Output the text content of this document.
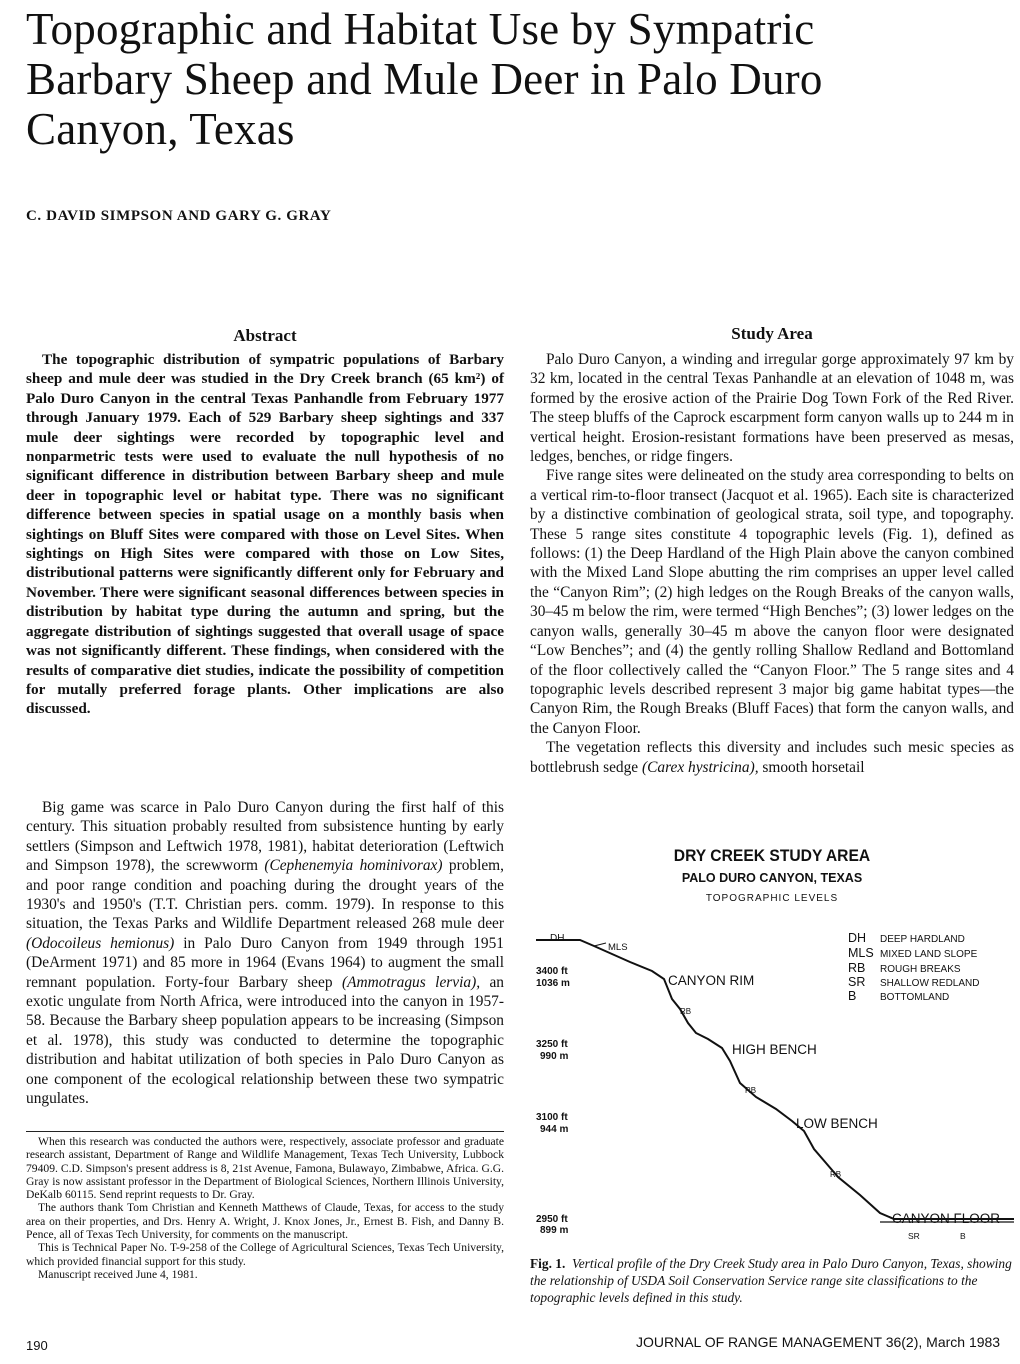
Topographic and Habitat Use by Sympatric
Barbary Sheep and Mule Deer in Palo Duro
Canyon, Texas
C. DAVID SIMPSON AND GARY G. GRAY
Abstract

The topographic distribution of sympatric populations of Barbary sheep and mule deer was studied in the Dry Creek branch (65 km²) of Palo Duro Canyon in the central Texas Panhandle from February 1977 through January 1979. Each of 529 Barbary sheep sightings and 337 mule deer sightings were recorded by topographic level and nonparmetric tests were used to evaluate the null hypothesis of no significant difference in distribution between Barbary sheep and mule deer in topographic level or habitat type. There was no significant difference between species in spatial usage on a monthly basis when sightings on Bluff Sites were compared with those on Level Sites. When sightings on High Sites were compared with those on Low Sites, distributional patterns were significantly different only for February and November. There were significant seasonal differences between species in distribution by habitat type during the autumn and spring, but the aggregate distribution of sightings suggested that overall usage of space was not significantly different. These findings, when considered with the results of comparative diet studies, indicate the possibility of competition for mutally preferred forage plants. Other implications are also discussed.

Big game was scarce in Palo Duro Canyon during the first half of this century. This situation probably resulted from subsistence hunting by early settlers (Simpson and Leftwich 1978, 1981), habitat deterioration (Leftwich and Simpson 1978), the screwworm (Cephenemyia hominivorax) problem, and poor range condition and poaching during the drought years of the 1930's and 1950's (T.T. Christian pers. comm. 1979). In response to this situation, the Texas Parks and Wildlife Department released 268 mule deer (Odocoileus hemionus) in Palo Duro Canyon from 1949 through 1951 (DeArment 1971) and 85 more in 1964 (Evans 1964) to augment the small remnant population. Forty-four Barbary sheep (Ammotragus lervia), an exotic ungulate from North Africa, were introduced into the canyon in 1957-58. Because the Barbary sheep population appears to be increasing (Simpson et al. 1978), this study was conducted to determine the topographic distribution and habitat utilization of both species in Palo Duro Canyon as one component of the ecological relationship between these two sympatric ungulates.

When this research was conducted the authors were, respectively, associate professor and graduate research assistant, Department of Range and Wildlife Management, Texas Tech University, Lubbock 79409. C.D. Simpson's present address is 8, 21st Avenue, Famona, Bulawayo, Zimbabwe, Africa. G.G. Gray is now assistant professor in the Department of Biological Sciences, Northern Illinois University, DeKalb 60115. Send reprint requests to Dr. Gray.

The authors thank Tom Christian and Kenneth Matthews of Claude, Texas, for access to the study area on their properties, and Drs. Henry A. Wright, J. Knox Jones, Jr., Ernest B. Fish, and Danny B. Pence, all of Texas Tech University, for comments on the manuscript.

This is Technical Paper No. T-9-258 of the College of Agricultural Sciences, Texas Tech University, which provided financial support for this study.

Manuscript received June 4, 1981.

Study Area

Palo Duro Canyon, a winding and irregular gorge approximately 97 km by 32 km, located in the central Texas Panhandle at an elevation of 1048 m, was formed by the erosive action of the Prairie Dog Town Fork of the Red River. The steep bluffs of the Caprock escarpment form canyon walls up to 244 m in vertical height. Erosion-resistant formations have been preserved as mesas, ledges, benches, or ridge fingers.

Five range sites were delineated on the study area corresponding to belts on a vertical rim-to-floor transect (Jacquot et al. 1965). Each site is characterized by a distinctive combination of geological strata, soil type, and topography. These 5 range sites constitute 4 topographic levels (Fig. 1), defined as follows: (1) the Deep Hardland of the High Plain above the canyon combined with the Mixed Land Slope abutting the rim comprises an upper level called the “Canyon Rim”; (2) high ledges on the Rough Breaks of the canyon walls, 30–45 m below the rim, were termed “High Benches”; (3) lower ledges on the canyon walls, generally 30–45 m above the canyon floor were designated “Low Benches”; and (4) the gently rolling Shallow Redland and Bottomland of the floor collectively called the “Canyon Floor.” The 5 range sites and 4 topographic levels described represent 3 major big game habitat types—the Canyon Rim, the Rough Breaks (Bluff Faces) that form the canyon walls, and the Canyon Floor.

The vegetation reflects this diversity and includes such mesic species as bottlebrush sedge (Carex hystricina), smooth horsetail

DRY CREEK STUDY AREA
PALO DURO CANYON, TEXAS
TOPOGRAPHIC LEVELS
DH
MLS
CANYON RIM
RB
HIGH BENCH
RB
LOW BENCH
RB
CANYON FLOOR
SR	B
3400 ft
1036 m
3250 ft
990 m
3100 ft
944 m
2950 ft
899 m
DH DEEP HARDLAND
MLS MIXED LAND SLOPE
RB ROUGH BREAKS
SR SHALLOW REDLAND
B BOTTOMLAND
Fig. 1. Vertical profile of the Dry Creek Study area in Palo Duro Canyon, Texas, showing the relationship of USDA Soil Conservation Service range site classifications to the topographic levels defined in this study.
190	JOURNAL OF RANGE MANAGEMENT 36(2), March 1983
